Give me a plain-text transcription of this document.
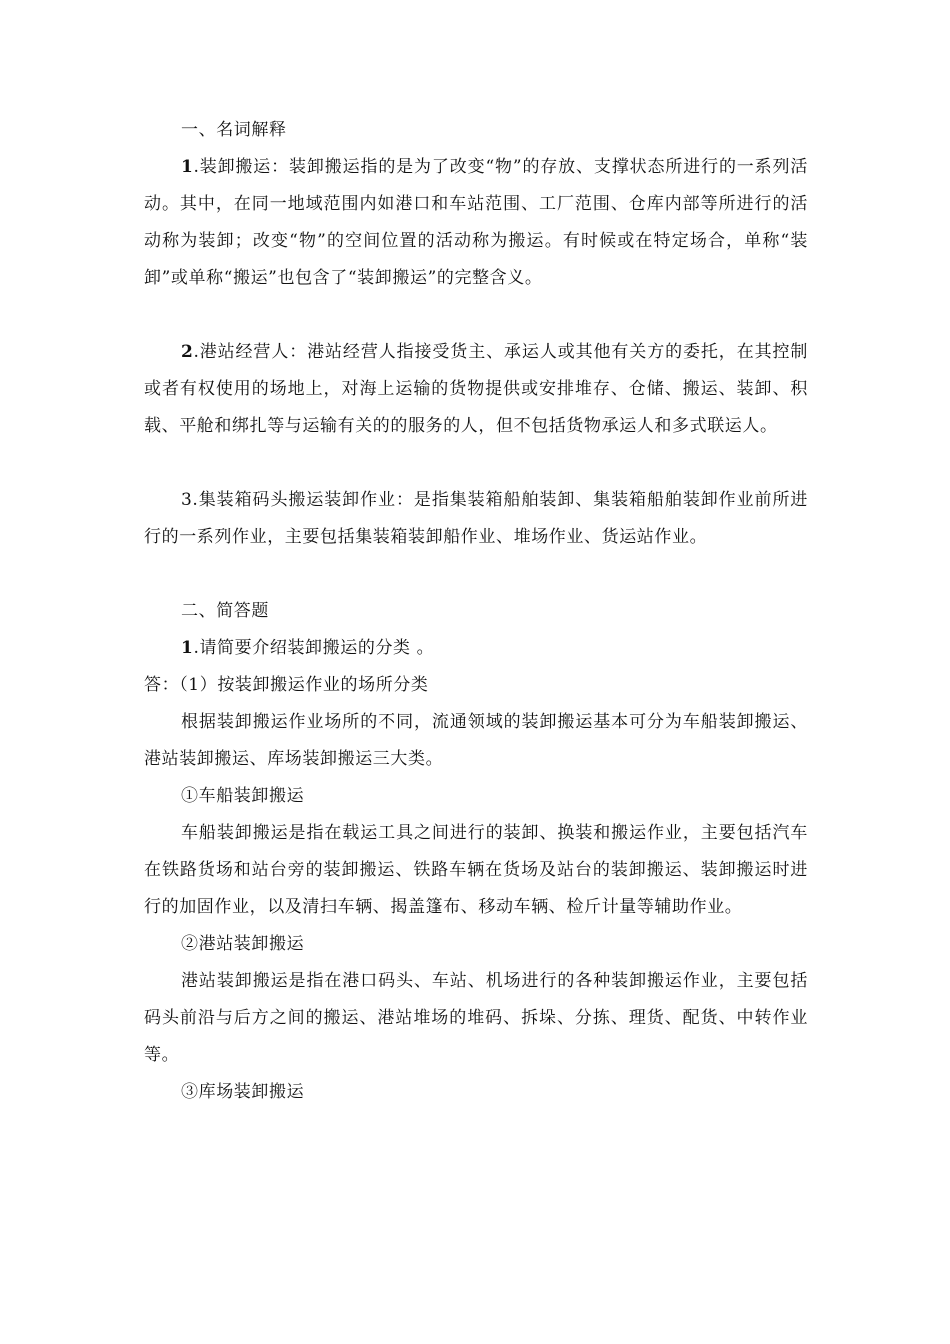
一、名词解释

1.装卸搬运：装卸搬运指的是为了改变“物”的存放、支撑状态所进行的一系列活动。其中，在同一地域范围内如港口和车站范围、工厂范围、仓库内部等所进行的活动称为装卸；改变“物”的空间位置的活动称为搬运。有时候或在特定场合，单称“装卸”或单称“搬运”也包含了“装卸搬运”的完整含义。

2.港站经营人：港站经营人指接受货主、承运人或其他有关方的委托，在其控制或者有权使用的场地上，对海上运输的货物提供或安排堆存、仓储、搬运、装卸、积载、平舱和绑扎等与运输有关的的服务的人，但不包括货物承运人和多式联运人。

3.集装箱码头搬运装卸作业：是指集装箱船舶装卸、集装箱船舶装卸作业前所进行的一系列作业，主要包括集装箱装卸船作业、堆场作业、货运站作业。

二、简答题

1.请简要介绍装卸搬运的分类 。

答：（1）按装卸搬运作业的场所分类

根据装卸搬运作业场所的不同，流通领域的装卸搬运基本可分为车船装卸搬运、港站装卸搬运、库场装卸搬运三大类。

①车船装卸搬运

车船装卸搬运是指在载运工具之间进行的装卸、换装和搬运作业，主要包括汽车在铁路货场和站台旁的装卸搬运、铁路车辆在货场及站台的装卸搬运、装卸搬运时进行的加固作业，以及清扫车辆、揭盖篷布、移动车辆、检斤计量等辅助作业。

②港站装卸搬运

港站装卸搬运是指在港口码头、车站、机场进行的各种装卸搬运作业，主要包括码头前沿与后方之间的搬运、港站堆场的堆码、拆垛、分拣、理货、配货、中转作业等。

③库场装卸搬运
